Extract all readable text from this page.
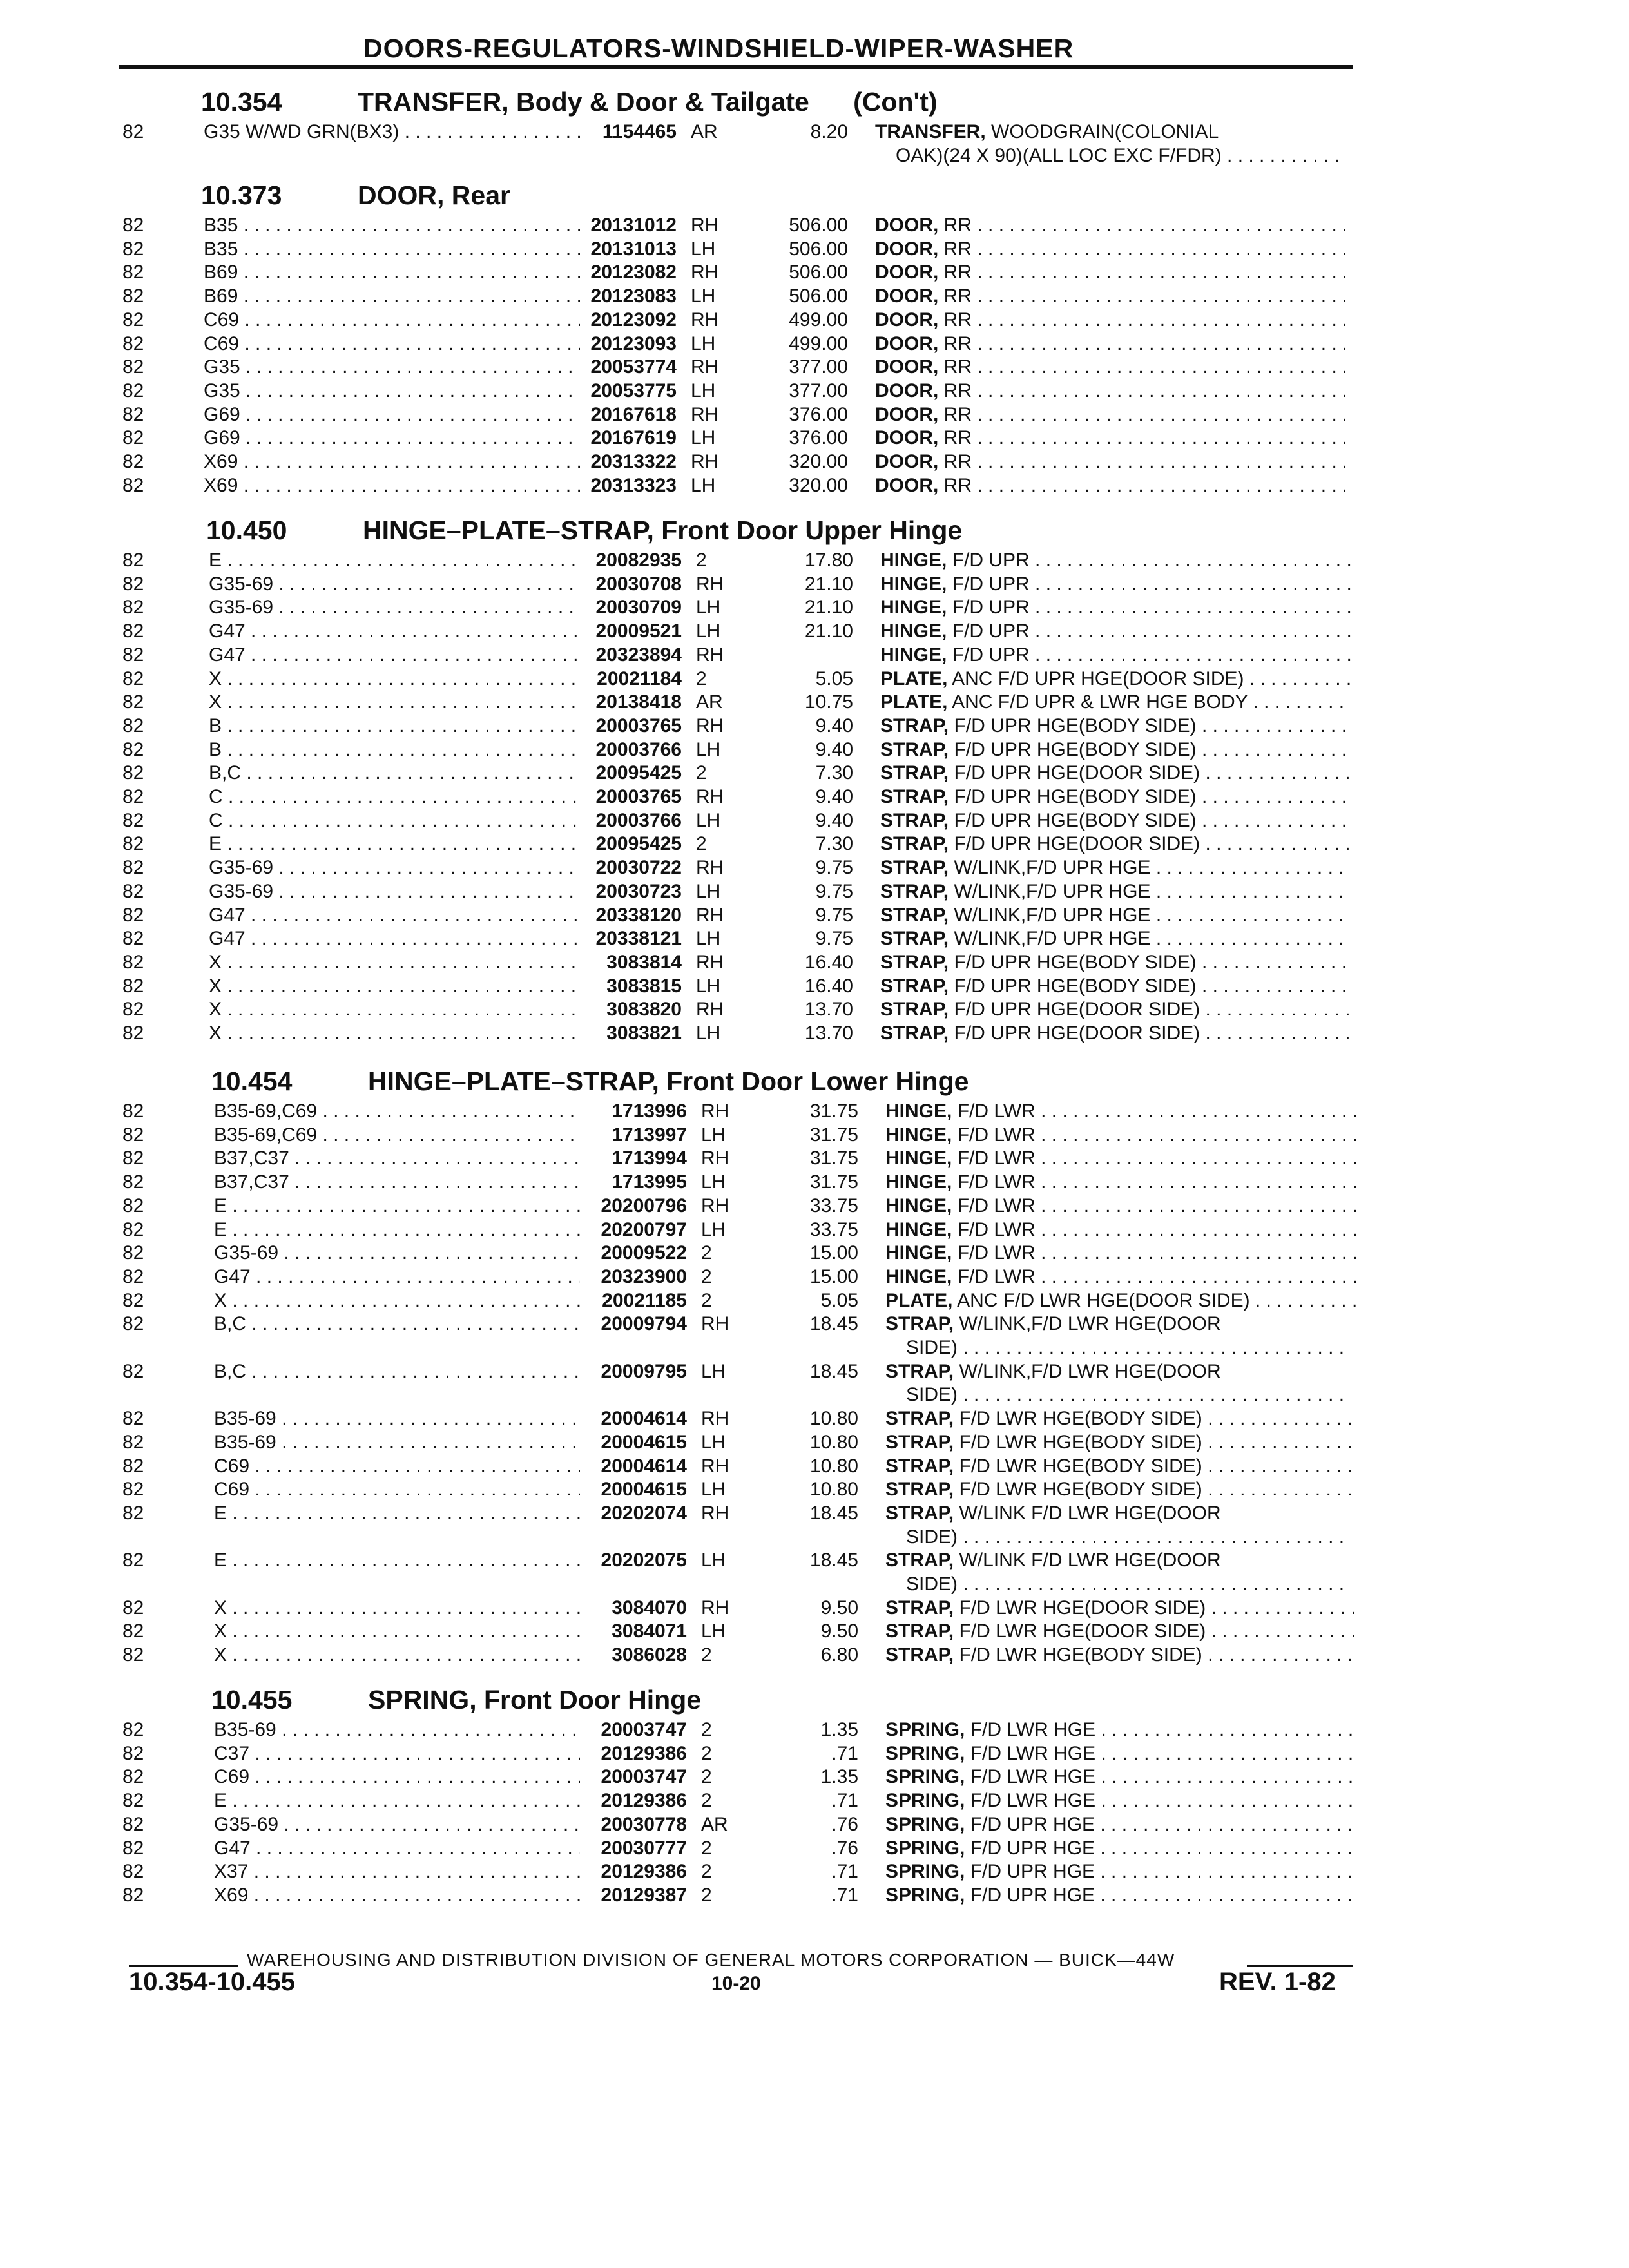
DOORS-REGULATORS-WINDSHIELD-WIPER-WASHER
10.354	TRANSFER, Body & Door & Tailgate      (Con't)
82	G35 W/WD GRN(BX3) . . .	1154465 AR	8.20 TRANSFER, WOODGRAIN(COLONIAL
OAK)(24 X 90)(ALL LOC EXC F/FDR) . . .
10.373	DOOR, Rear
82	B35 . . .	20131012 RH	506.00 DOOR, RR . . .
82	B35 . . .	20131013 LH	506.00 DOOR, RR . . .
82	B69 . . .	20123082 RH	506.00 DOOR, RR . . .
82	B69 . . .	20123083 LH	506.00 DOOR, RR . . .
82	C69 . . .	20123092 RH	499.00 DOOR, RR . . .
82	C69 . . .	20123093 LH	499.00 DOOR, RR . . .
82	G35 . . .	20053774 RH	377.00 DOOR, RR . . .
82	G35 . . .	20053775 LH	377.00 DOOR, RR . . .
82	G69 . . .	20167618 RH	376.00 DOOR, RR . . .
82	G69 . . .	20167619 LH	376.00 DOOR, RR . . .
82	X69 . . .	20313322 RH	320.00 DOOR, RR . . .
82	X69 . . .	20313323 LH	320.00 DOOR, RR . . .
10.450	HINGE–PLATE–STRAP, Front Door Upper Hinge
82	E . . .	20082935 2	17.80 HINGE, F/D UPR . . .
82	G35-69 . . .	20030708 RH	21.10 HINGE, F/D UPR . . .
82	G35-69 . . .	20030709 LH	21.10 HINGE, F/D UPR . . .
82	G47 . . .	20009521 LH	21.10 HINGE, F/D UPR . . .
82	G47 . . .	20323894 RH	HINGE, F/D UPR . . .
82	X . . .	20021184 2	5.05 PLATE, ANC F/D UPR HGE(DOOR SIDE) . . .
82	X . . .	20138418 AR	10.75 PLATE, ANC F/D UPR & LWR HGE BODY . . .
82	B . . .	20003765 RH	9.40 STRAP, F/D UPR HGE(BODY SIDE) . . .
82	B . . .	20003766 LH	9.40 STRAP, F/D UPR HGE(BODY SIDE) . . .
82	B,C . . .	20095425 2	7.30 STRAP, F/D UPR HGE(DOOR SIDE) . . .
82	C . . .	20003765 RH	9.40 STRAP, F/D UPR HGE(BODY SIDE) . . .
82	C . . .	20003766 LH	9.40 STRAP, F/D UPR HGE(BODY SIDE) . . .
82	E . . .	20095425 2	7.30 STRAP, F/D UPR HGE(DOOR SIDE) . . .
82	G35-69 . . .	20030722 RH	9.75 STRAP, W/LINK,F/D UPR HGE . . .
82	G35-69 . . .	20030723 LH	9.75 STRAP, W/LINK,F/D UPR HGE . . .
82	G47 . . .	20338120 RH	9.75 STRAP, W/LINK,F/D UPR HGE . . .
82	G47 . . .	20338121 LH	9.75 STRAP, W/LINK,F/D UPR HGE . . .
82	X . . .	3083814 RH	16.40 STRAP, F/D UPR HGE(BODY SIDE) . . .
82	X . . .	3083815 LH	16.40 STRAP, F/D UPR HGE(BODY SIDE) . . .
82	X . . .	3083820 RH	13.70 STRAP, F/D UPR HGE(DOOR SIDE) . . .
82	X . . .	3083821 LH	13.70 STRAP, F/D UPR HGE(DOOR SIDE) . . .
10.454	HINGE–PLATE–STRAP, Front Door Lower Hinge
82	B35-69,C69 . . .	1713996 RH	31.75 HINGE, F/D LWR . . .
82	B35-69,C69 . . .	1713997 LH	31.75 HINGE, F/D LWR . . .
82	B37,C37 . . .	1713994 RH	31.75 HINGE, F/D LWR . . .
82	B37,C37 . . .	1713995 LH	31.75 HINGE, F/D LWR . . .
82	E . . .	20200796 RH	33.75 HINGE, F/D LWR . . .
82	E . . .	20200797 LH	33.75 HINGE, F/D LWR . . .
82	G35-69 . . .	20009522 2	15.00 HINGE, F/D LWR . . .
82	G47 . . .	20323900 2	15.00 HINGE, F/D LWR . . .
82	X . . .	20021185 2	5.05 PLATE, ANC F/D LWR HGE(DOOR SIDE) . . .
82	B,C . . .	20009794 RH	18.45 STRAP, W/LINK,F/D LWR HGE(DOOR
SIDE) . . .
82	B,C . . .	20009795 LH	18.45 STRAP, W/LINK,F/D LWR HGE(DOOR
SIDE) . . .
82	B35-69 . . .	20004614 RH	10.80 STRAP, F/D LWR HGE(BODY SIDE) . . .
82	B35-69 . . .	20004615 LH	10.80 STRAP, F/D LWR HGE(BODY SIDE) . . .
82	C69 . . .	20004614 RH	10.80 STRAP, F/D LWR HGE(BODY SIDE) . . .
82	C69 . . .	20004615 LH	10.80 STRAP, F/D LWR HGE(BODY SIDE) . . .
82	E . . .	20202074 RH	18.45 STRAP, W/LINK F/D LWR HGE(DOOR
SIDE) . . .
82	E . . .	20202075 LH	18.45 STRAP, W/LINK F/D LWR HGE(DOOR
SIDE) . . .
82	X . . .	3084070 RH	9.50 STRAP, F/D LWR HGE(DOOR SIDE) . . .
82	X . . .	3084071 LH	9.50 STRAP, F/D LWR HGE(DOOR SIDE) . . .
82	X . . .	3086028 2	6.80 STRAP, F/D LWR HGE(BODY SIDE) . . .
10.455	SPRING, Front Door Hinge
82	B35-69 . . .	20003747 2	1.35 SPRING, F/D LWR HGE . . .
82	C37 . . .	20129386 2	.71 SPRING, F/D LWR HGE . . .
82	C69 . . .	20003747 2	1.35 SPRING, F/D LWR HGE . . .
82	E . . .	20129386 2	.71 SPRING, F/D LWR HGE . . .
82	G35-69 . . .	20030778 AR	.76 SPRING, F/D UPR HGE . . .
82	G47 . . .	20030777 2	.76 SPRING, F/D UPR HGE . . .
82	X37 . . .	20129386 2	.71 SPRING, F/D UPR HGE . . .
82	X69 . . .	20129387 2	.71 SPRING, F/D UPR HGE . . .
WAREHOUSING AND DISTRIBUTION DIVISION OF GENERAL MOTORS CORPORATION — BUICK—44W
10.354-10.455	10-20	REV. 1-82
